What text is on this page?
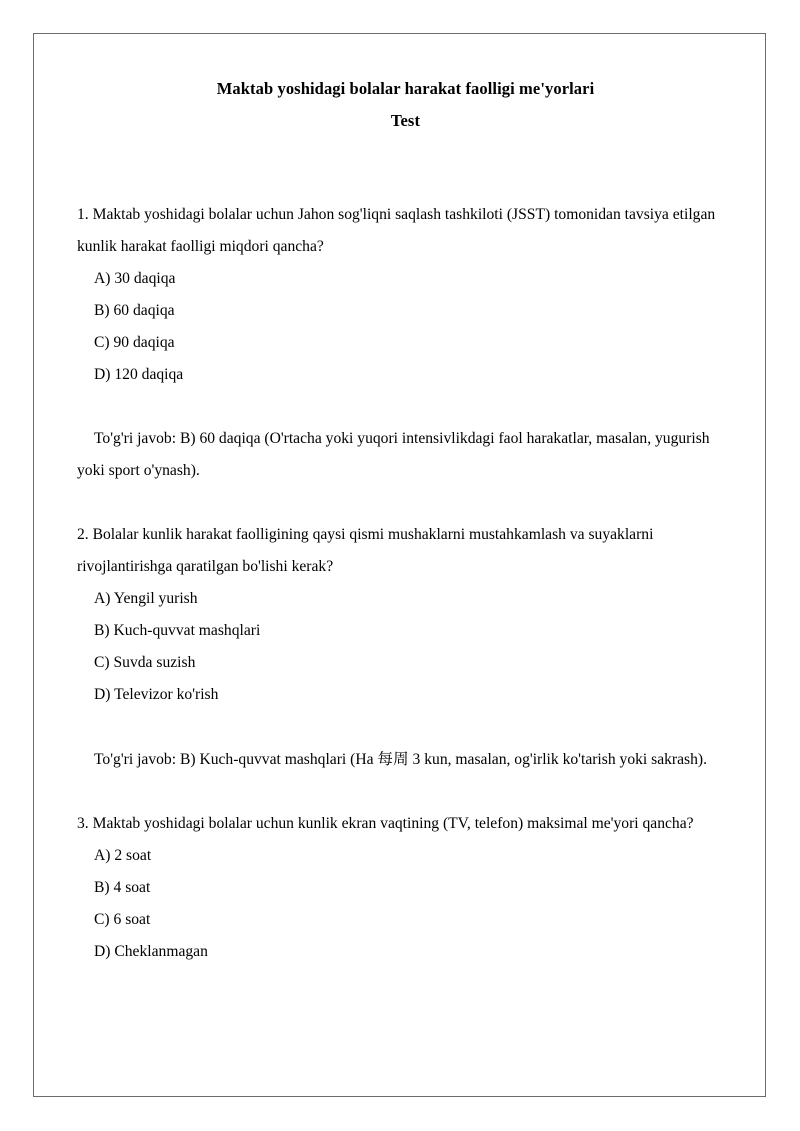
Maktab yoshidagi bolalar harakat faolligi me'yorlari
Test
1. Maktab yoshidagi bolalar uchun Jahon sog'liqni saqlash tashkiloti (JSST) tomonidan tavsiya etilgan kunlik harakat faolligi miqdori qancha?
A) 30 daqiqa
B) 60 daqiqa
C) 90 daqiqa
D) 120 daqiqa
To'g'ri javob: B) 60 daqiqa (O'rtacha yoki yuqori intensivlikdagi faol harakatlar, masalan, yugurish yoki sport o'ynash).
2. Bolalar kunlik harakat faolligining qaysi qismi mushaklarni mustahkamlash va suyaklarni rivojlantirishga qaratilgan bo'lishi kerak?
A) Yengil yurish
B) Kuch-quvvat mashqlari
C) Suvda suzish
D) Televizor ko'rish
To'g'ri javob: B) Kuch-quvvat mashqlari (Ha 每周 3 kun, masalan, og'irlik ko'tarish yoki sakrash).
3. Maktab yoshidagi bolalar uchun kunlik ekran vaqtining (TV, telefon) maksimal me'yori qancha?
A) 2 soat
B) 4 soat
C) 6 soat
D) Cheklanmagan
